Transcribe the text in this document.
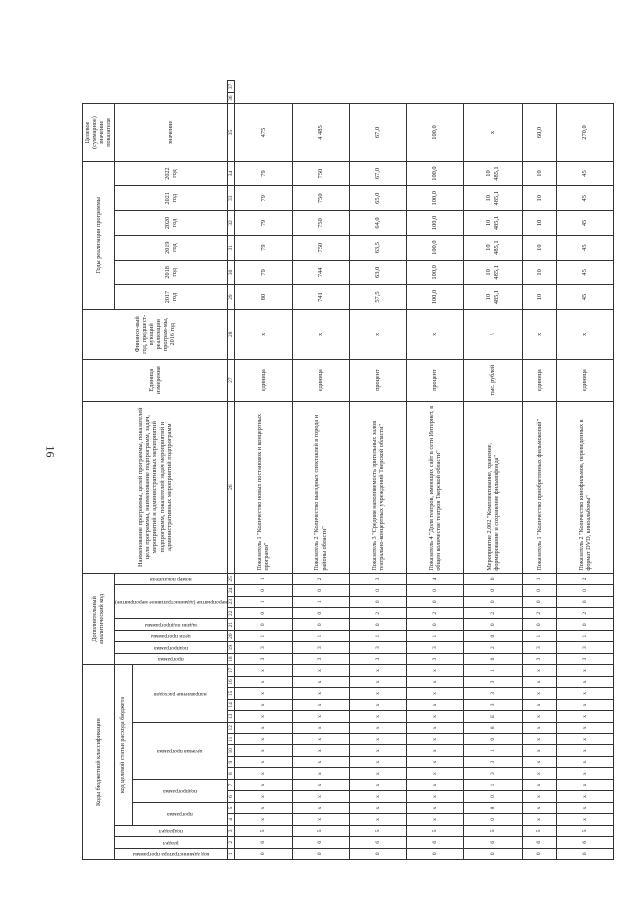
16
Коды бюджетной классификации																	Дополнительный аналитический код								Наименование программы, целей программы, показателей цели программы, наименование подпрограмм, задач, мероприятий и административных мероприятий подпрограмм, показателей задач мероприятий и административных мероприятий подпрограмм	Единица измерения	Финансо-вый год, предшест-вующий реализации програм-мы, 2016 год	Годы реализации программы						Целевое (суммарное) значение показателя		

код администратора программы	раздел	подраздел	код целевой статьи расхода бюджета														программа	подпрограмма	цели программы	задачи подпрограммы	мероприятие (административное мероприятие)			номер показателя				2017 год	2018 год	2019 год	2020 год	2021 год	2022 год	значение		

			программа		подпрограмма		целевая программа					направление расходов																								

1	2	3	4	5	6	7	8	9	10	11	12	13	14	15	16	17	18	19	20	21	22	23	24	25	26	27	28	29	30	31	32	33	34	35	36	37
0	6	5	x	x	x	x	x	x	x	x	x	x	x	x	x	x	3	3	1	0	0	1	0	1	Показатель 1 "Количество новых постановок и концертных программ"	единица	x	80	79	79	79	79	79	475		
0	6	5	x	x	x	x	x	x	x	x	x	x	x	x	x	x	3	3	1	0	0	1	0	2	Показатель 2 "Количество выездных спектаклей в города и районы области"	единица	x	741	744	750	750	750	750	4 485		
0	6	5	x	x	x	x	x	x	x	x	x	x	x	x	x	x	3	3	1	0	2	0	0	3	Показатель 3 "Средняя наполняемость зрительных залов театрально-концертных учреждений Тверской области"	процент	x	57,5	63,0	63,5	64,0	65,0	67,0	67,0		
0	6	5	x	x	x	x	x	x	x	x	x	x	x	x	x	x	3	3	1	0	2	0	0	4	Показатель 4 "Доля театров, имеющих сайт в сети Интернет, в общем количестве театров Тверской области"	процент	x	100,0	100,0	100,0	100,0	100,0	100,0	100,0		
0	6	5	0	8	0	1	3	3	1	0	8	E	3	3	3	1	0	2	0	0	2	0	0	0	Мероприятие 2.002 "Комплектование, хранение, формирование и сохранение фильмофонда"	тыс. рублей	\	10 485,1	10 485,1	10 485,1	10 485,1	10 485,1	10 485,1	x		
0	6	5	x	x	x	x	x	x	x	x	x	x	x	x	x	x	3	3	1	0	2	0	0	1	Показатель 1 "Количество приобретенных фильмокопий"	единица	x	10	10	10	10	10	10	60,0		
0	6	5	x	x	x	x	x	x	x	x	x	x	x	x	x	x	3	3	1	0	2	0	0	2	Показатель 2 "Количество кинофильмов, переведенных в формат DVD, киноальбомы"	единица	x	45	45	45	45	45	45	270,0		
